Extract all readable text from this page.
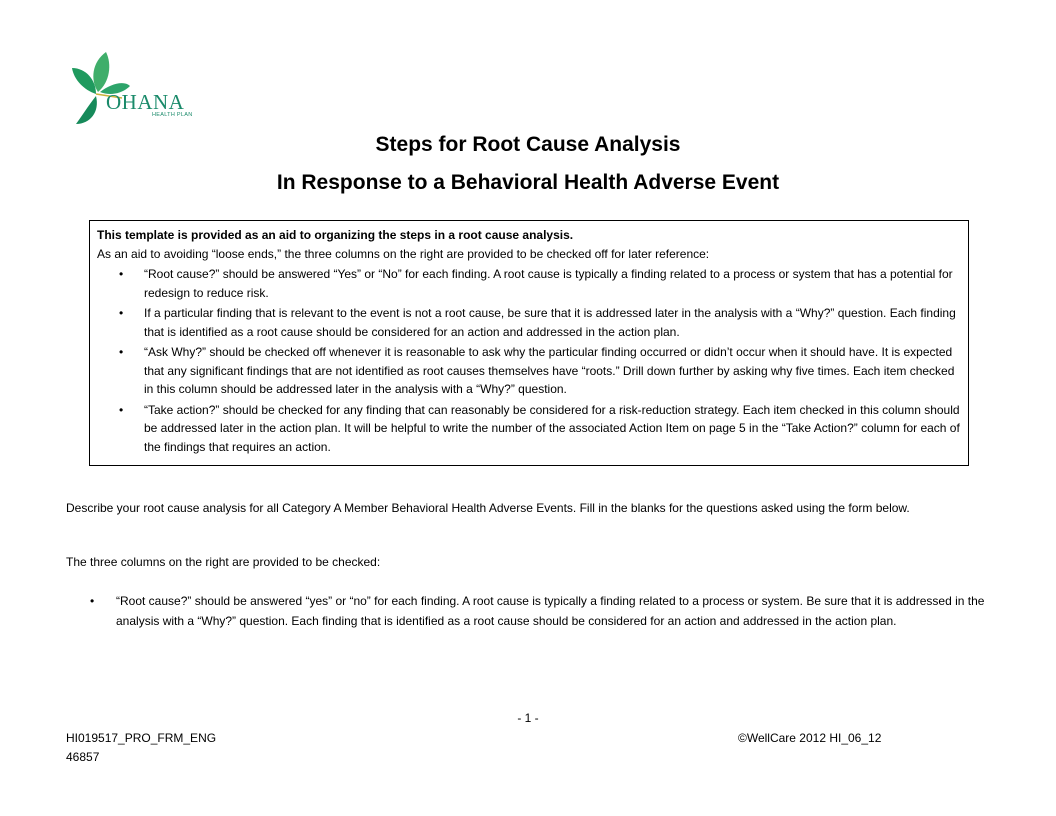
OHANA
HEALTH PLAN
Steps for Root Cause Analysis
In Response to a Behavioral Health Adverse Event
This template is provided as an aid to organizing the steps in a root cause analysis.
As an aid to avoiding “loose ends,” the three columns on the right are provided to be checked off for later reference:
• “Root cause?” should be answered “Yes” or “No” for each finding. A root cause is typically a finding related to a process or system that has a potential for redesign to reduce risk.
• If a particular finding that is relevant to the event is not a root cause, be sure that it is addressed later in the analysis with a “Why?” question. Each finding that is identified as a root cause should be considered for an action and addressed in the action plan.
• “Ask Why?” should be checked off whenever it is reasonable to ask why the particular finding occurred or didn’t occur when it should have. It is expected that any significant findings that are not identified as root causes themselves have “roots.” Drill down further by asking why five times. Each item checked in this column should be addressed later in the analysis with a “Why?” question.
• “Take action?” should be checked for any finding that can reasonably be considered for a risk-reduction strategy. Each item checked in this column should be addressed later in the action plan. It will be helpful to write the number of the associated Action Item on page 5 in the “Take Action?” column for each of the findings that requires an action.
Describe your root cause analysis for all Category A Member Behavioral Health Adverse Events. Fill in the blanks for the questions asked using the form below.
The three columns on the right are provided to be checked:
• “Root cause?” should be answered “yes” or “no” for each finding. A root cause is typically a finding related to a process or system. Be sure that it is addressed in the analysis with a “Why?” question. Each finding that is identified as a root cause should be considered for an action and addressed in the action plan.
- 1 -
HI019517_PRO_FRM_ENG
46857
©WellCare 2012 HI_06_12
